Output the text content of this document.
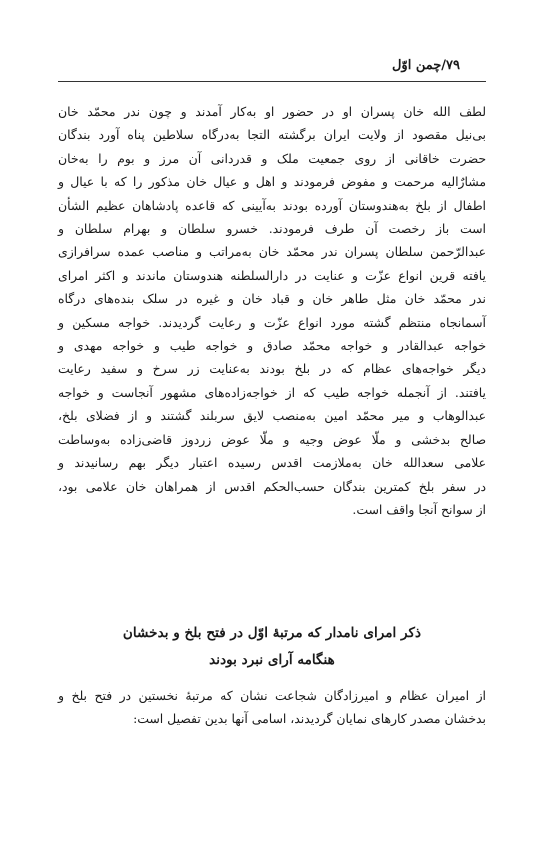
۷۹/چمن اوّل
لطف الله خان پسران او در حضور او به‌کار آمدند و چون ندر محمّد خان
بی‌نیل مقصود از ولایت ایران برگشته التجا به‌درگاه سلاطین پناه آورد بندگان
حضرت خاقانی از روی جمعیت ملک و قدردانی آن مرز و بوم را به‌خان
مشارٌالیه مرحمت و مفوض فرمودند و اهل و عیال خان مذکور را که با عیال و
اطفال از بلخ به‌هندوستان آورده بودند به‌آیینی که قاعده پادشاهان عظیم الشأن
است باز رخصت آن طرف فرمودند. خسرو سلطان و بهرام سلطان و
عبدالرّحمن سلطان پسران ندر محمّد خان به‌مراتب و مناصب عمده سرافرازی
یافته قرین انواع عزّت و عنایت در دارالسلطنه هندوستان ماندند و اکثر امرای
ندر محمّد خان مثل طاهر خان و قباد خان و غیره در سلک بنده‌های درگاه
آسمانجاه منتظم گشته مورد انواع عزّت و رعایت گردیدند. خواجه مسکین و
خواجه عبدالقادر و خواجه محمّد صادق و خواجه طیب و خواجه مهدی و
دیگر خواجه‌های عظام که در بلخ بودند به‌عنایت زر سرخ و سفید رعایت
یافتند. از آنجمله خواجه طیب که از خواجه‌زاده‌های مشهور آنجاست و خواجه
عبدالوهاب و میر محمّد امین به‌منصب لایق سربلند گشتند و از فضلای بلخ،
صالح بدخشی و ملّا عوض وجیه و ملّا عوض زردوز قاضی‌زاده به‌وساطت
علامی سعدالله خان به‌ملازمت اقدس رسیده اعتبار دیگر بهم رسانیدند و
در سفر بلخ کمترین بندگان حسب‌الحکم اقدس از همراهان خان علامی بود،
از سوانح آنجا واقف است.
ذکر امرای نامدار که مرتبۀ اوّل در فتح بلخ و بدخشان
هنگامه آرای نبرد بودند
از امیران عظام و امیرزادگان شجاعت نشان که مرتبۀ نخستین در فتح بلخ و
بدخشان مصدر کارهای نمایان گردیدند، اسامی آنها بدین تفصیل است:
